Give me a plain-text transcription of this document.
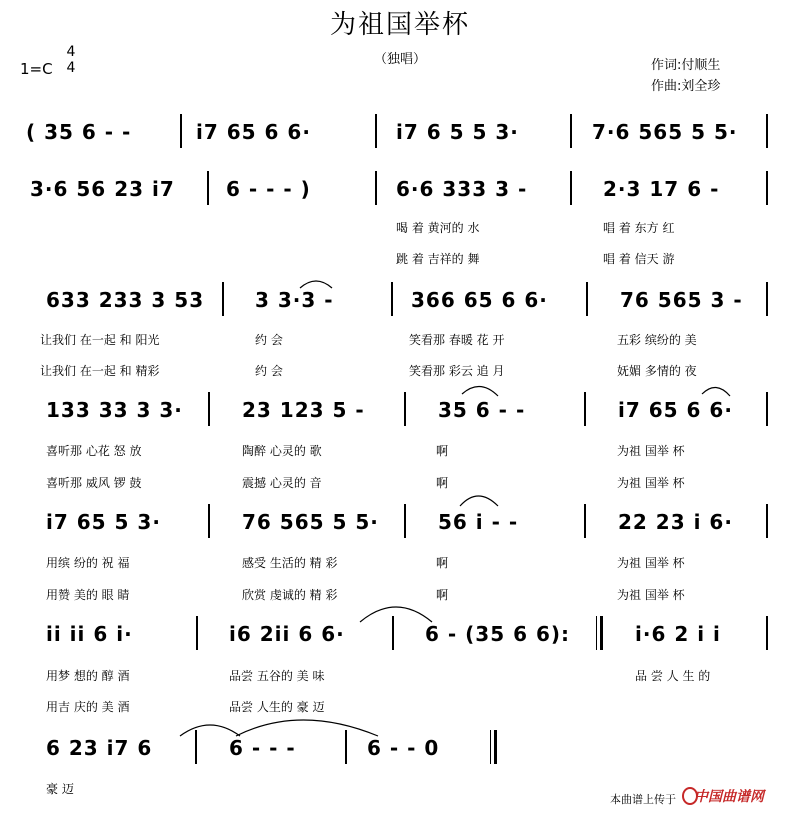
为祖国举杯
（独唱）
1=C
4
4	作词:付顺生
作曲:刘全珍
( 35 6 - -	i7 65 6 6·	i7 6 5 5 3·	7·6 565 5 5·
3·6 56 23 i7	6 - - - )	6·6 333 3 -	2·3 17 6 -
喝 着 黄河的 水	唱 着 东方 红
跳 着 吉祥的 舞	唱 着 信天 游
633 233 3 53	3 3·3 -	366 65 6 6·	76 565 3 -
让我们 在一起 和 阳光	约 会	笑看那 春暖 花 开	五彩 缤纷的 美
让我们 在一起 和 精彩	约 会	笑看那 彩云 追 月	妩媚 多情的 夜
133 33 3 3·	23 123 5 -	35 6 - -	i7 65 6 6·
喜听那 心花 怒 放	陶醉 心灵的 歌	啊	为祖 国举 杯
喜听那 威风 锣 鼓	震撼 心灵的 音	啊	为祖 国举 杯
i7 65 5 3·	76 565 5 5·	56 i - -	22 23 i 6·
用缤 纷的 祝 福	感受 生活的 精 彩	啊	为祖 国举 杯
用赞 美的 眼 睛	欣赏 虔诚的 精 彩	啊	为祖 国举 杯
ii ii 6 i·	i6 2ii 6 6·	6 - (35 6 6):	i·6 2 i i
用梦 想的 醇 酒	品尝 五谷的 美 味	品 尝 人 生 的
用吉 庆的 美 酒	品尝 人生的 豪 迈
6 23 i7 6	6 - - -	6 - - 0
豪 迈
本曲谱上传于 中国曲谱网
